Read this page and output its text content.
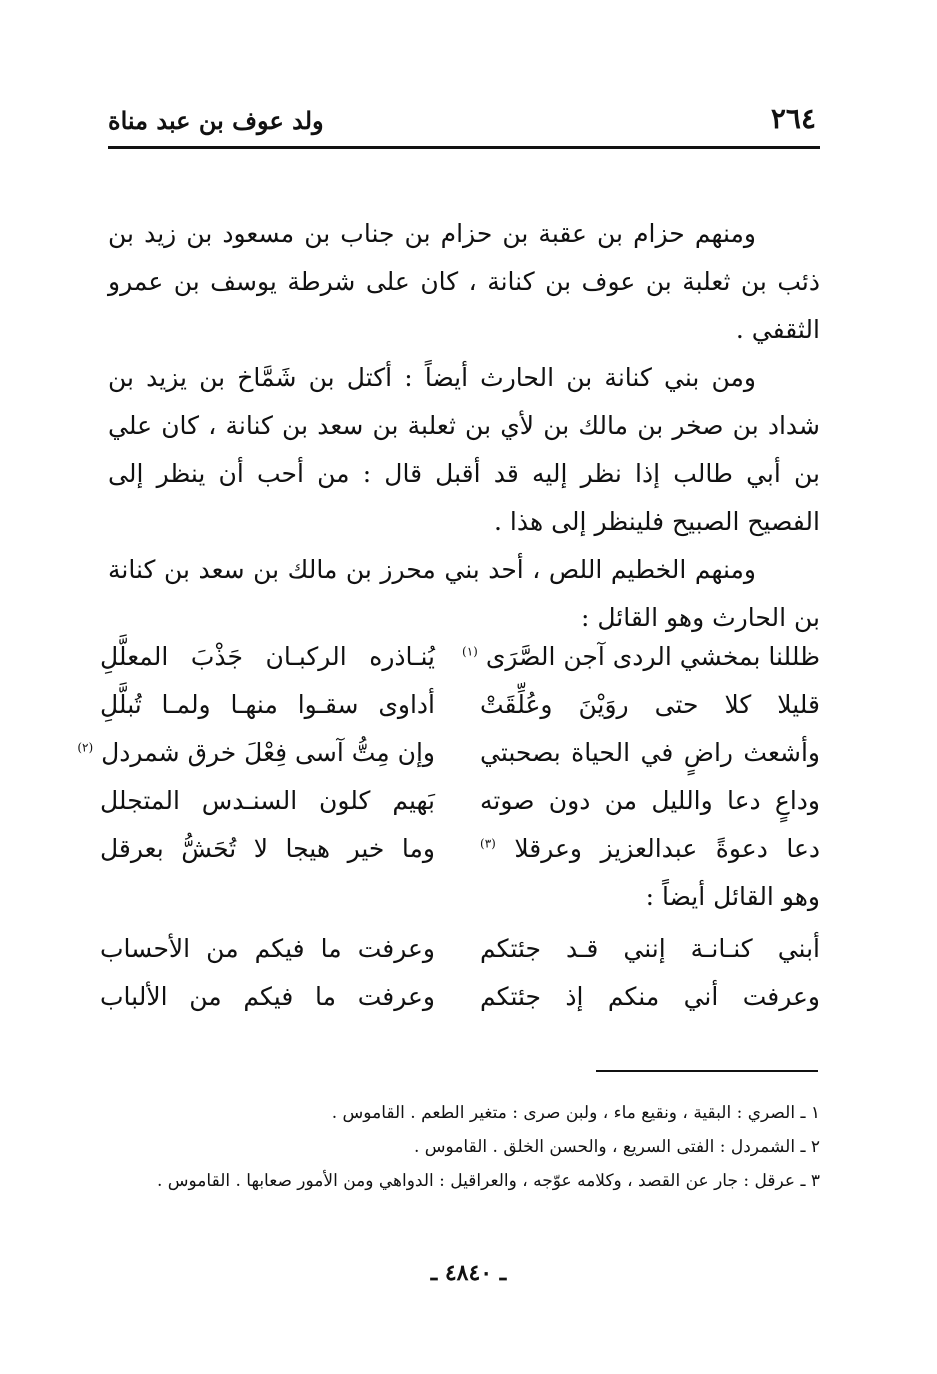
٢٦٤
ولد عوف بن عبد مناة

ومنهم حزام بن عقبة بن حزام بن جناب بن مسعود بن زيد بن ذئب بن ثعلبة بن عوف بن كنانة ، كان على شرطة يوسف بن عمرو الثقفي .

ومن بني كنانة بن الحارث أيضاً : أكتل بن شَمَّاخ بن يزيد بن شداد بن صخر بن مالك بن لأي بن ثعلبة بن سعد بن كنانة ، كان علي بن أبي طالب إذا نظر إليه قد أقبل قال : من أحب أن ينظر إلى الفصيح الصبيح فلينظر إلى هذا .

ومنهم الخطيم اللص ، أحد بني محرز بن مالك بن سعد بن كنانة بن الحارث وهو القائل :

ظللنا بمخشي الردى آجن الصَّرَى $^{(١)}$
يُنـاذره الركبـان جَذْبَ المعلَّلِ
قليلا كلا حتى روَيْنَ وعُلِّقَتْ
أداوى سقـوا منهـا ولمـا تُبلَّلِ
وأشعث راضٍ في الحياة بصحبتي
وإن مِتُّ آسى فِعْلَ خرق شمردل $^{(٢)}$
وداعٍ دعا والليل من دون صوته
بَهيم كلون السنـدس المتجلل
دعا دعوةً عبدالعزيز وعرقلا $^{(٣)}$
وما خير هيجا لا تُحَشُّ بعرقل
وهو القائل أيضاً :
أبني كنـانـة إنني قـد جئتكم
وعرفت ما فيكم من الأحساب
وعرفت أني منكم إذ جئتكم
وعرفت ما فيكم من الألباب

١ ـ الصري : البقية ، ونقيع ماء ، ولبن صرى : متغير الطعم . القاموس .

٢ ـ الشمردل : الفتى السريع ، والحسن الخلق . القاموس .

٣ ـ عرقل : جار عن القصد ، وكلامه عوّجه ، والعراقيل : الدواهي ومن الأمور صعابها . القاموس .

ـ ٤٨٤٠ ـ
